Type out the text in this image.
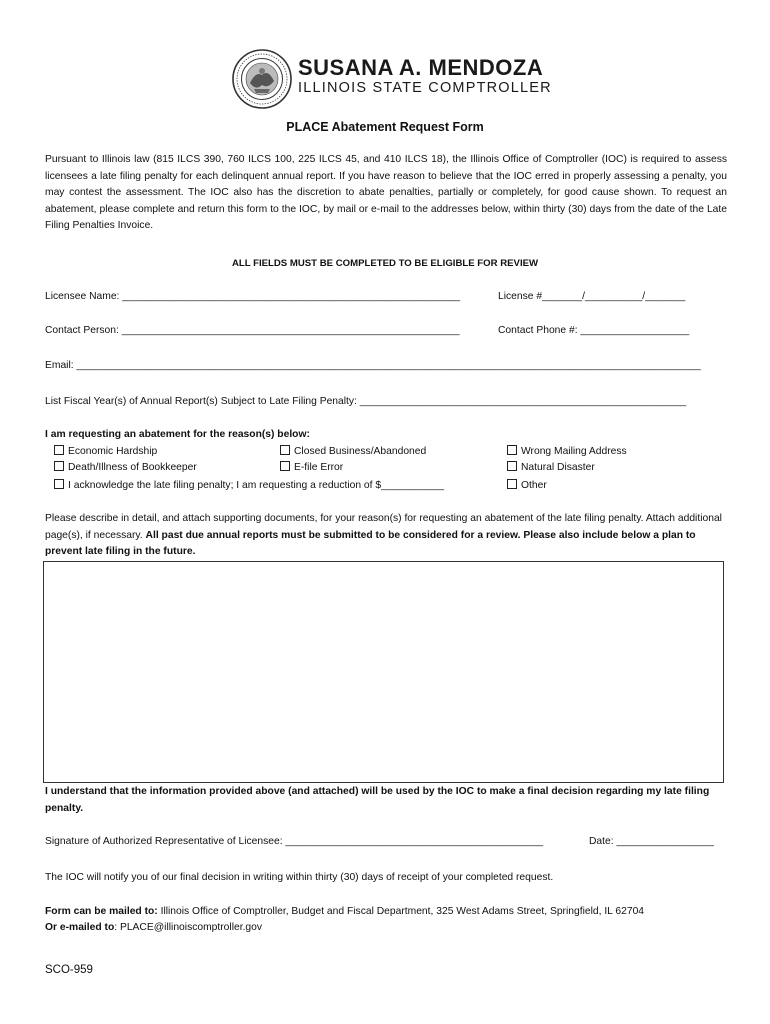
SUSANA A. MENDOZA
ILLINOIS STATE COMPTROLLER
PLACE Abatement Request Form
Pursuant to Illinois law (815 ILCS 390, 760 ILCS 100, 225 ILCS 45, and 410 ILCS 18), the Illinois Office of Comptroller (IOC) is required to assess licensees a late filing penalty for each delinquent annual report. If you have reason to believe that the IOC erred in properly assessing a penalty, you may contest the assessment. The IOC also has the discretion to abate penalties, partially or completely, for good cause shown. To request an abatement, please complete and return this form to the IOC, by mail or e-mail to the addresses below, within thirty (30) days from the date of the Late Filing Penalties Invoice.
ALL FIELDS MUST BE COMPLETED TO BE ELIGIBLE FOR REVIEW
Licensee Name: ___________________________________________________________	License #_______/__________/_______
Contact Person: ___________________________________________________________	Contact Phone #: ___________________
Email: _____________________________________________________________________________________________________________
List Fiscal Year(s) of Annual Report(s) Subject to Late Filing Penalty: _________________________________________________________
I am requesting an abatement for the reason(s) below:
Economic Hardship	Closed Business/Abandoned	Wrong Mailing Address
Death/Illness of Bookkeeper	E-file Error	Natural Disaster
I acknowledge the late filing penalty; I am requesting a reduction of $___________	Other
Please describe in detail, and attach supporting documents, for your reason(s) for requesting an abatement of the late filing penalty. Attach additional page(s), if necessary. All past due annual reports must be submitted to be considered for a review. Please also include below a plan to prevent late filing in the future.
I understand that the information provided above (and attached) will be used by the IOC to make a final decision regarding my late filing penalty.
Signature of Authorized Representative of Licensee: _____________________________________________	Date: _________________
The IOC will notify you of our final decision in writing within thirty (30) days of receipt of your completed request.
Form can be mailed to: Illinois Office of Comptroller, Budget and Fiscal Department, 325 West Adams Street, Springfield, IL 62704
Or e-mailed to: PLACE@illinoiscomptroller.gov
SCO-959
